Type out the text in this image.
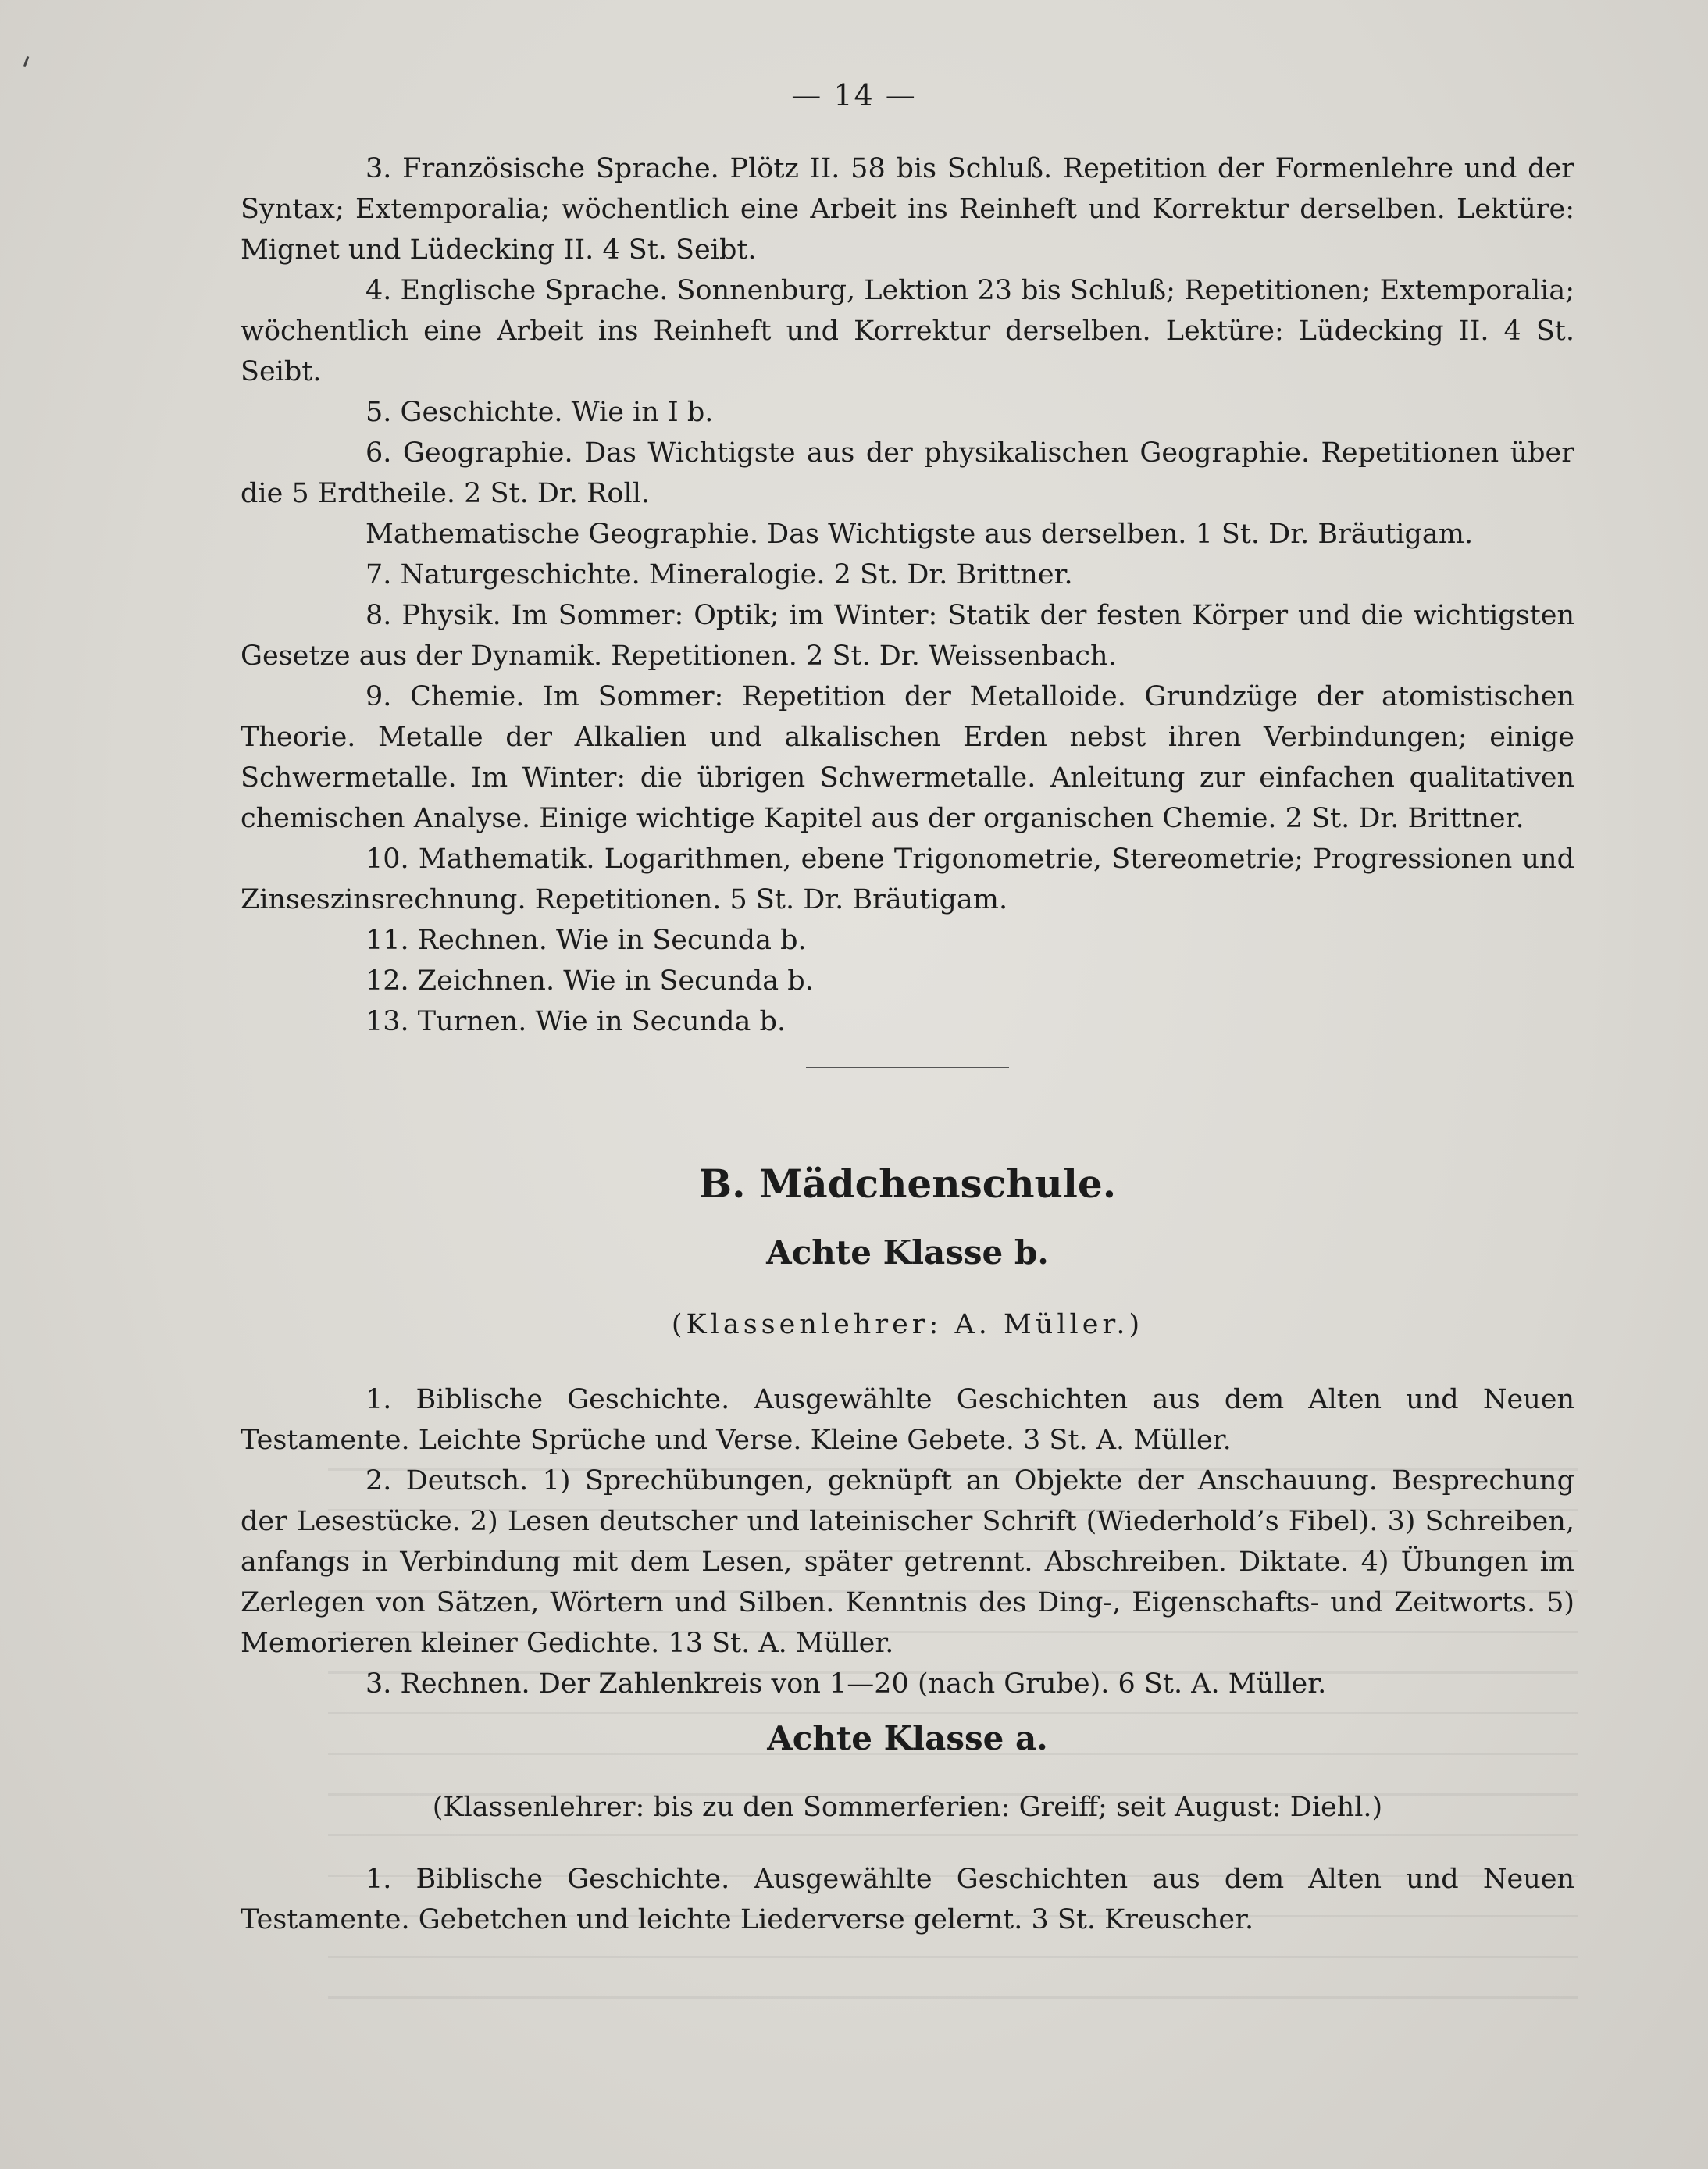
— 14 —

3. Französische Sprache. Plötz II. 58 bis Schluß. Repetition der Formenlehre und der Syntax; Extemporalia; wöchentlich eine Arbeit ins Reinheft und Korrektur derselben. Lektüre: Mignet und Lüdecking II. 4 St. Seibt.

4. Englische Sprache. Sonnenburg, Lektion 23 bis Schluß; Repetitionen; Extemporalia; wöchentlich eine Arbeit ins Reinheft und Korrektur derselben. Lektüre: Lüdecking II. 4 St. Seibt.

5. Geschichte. Wie in I b.

6. Geographie. Das Wichtigste aus der physikalischen Geographie. Repetitionen über die 5 Erdtheile. 2 St. Dr. Roll.

Mathematische Geographie. Das Wichtigste aus derselben. 1 St. Dr. Bräutigam.

7. Naturgeschichte. Mineralogie. 2 St. Dr. Brittner.

8. Physik. Im Sommer: Optik; im Winter: Statik der festen Körper und die wichtigsten Gesetze aus der Dynamik. Repetitionen. 2 St. Dr. Weissenbach.

9. Chemie. Im Sommer: Repetition der Metalloide. Grundzüge der atomistischen Theorie. Metalle der Alkalien und alkalischen Erden nebst ihren Verbindungen; einige Schwermetalle. Im Winter: die übrigen Schwermetalle. Anleitung zur einfachen qualitativen chemischen Analyse. Einige wichtige Kapitel aus der organischen Chemie. 2 St. Dr. Brittner.

10. Mathematik. Logarithmen, ebene Trigonometrie, Stereometrie; Progressionen und Zinseszinsrechnung. Repetitionen. 5 St. Dr. Bräutigam.

11. Rechnen. Wie in Secunda b.

12. Zeichnen. Wie in Secunda b.

13. Turnen. Wie in Secunda b.

B. Mädchenschule.
Achte Klasse b.
(Klassenlehrer: A. Müller.)

1. Biblische Geschichte. Ausgewählte Geschichten aus dem Alten und Neuen Testamente. Leichte Sprüche und Verse. Kleine Gebete. 3 St. A. Müller.

2. Deutsch. 1) Sprechübungen, geknüpft an Objekte der Anschauung. Besprechung der Lesestücke. 2) Lesen deutscher und lateinischer Schrift (Wiederhold’s Fibel). 3) Schreiben, anfangs in Verbindung mit dem Lesen, später getrennt. Abschreiben. Diktate. 4) Übungen im Zerlegen von Sätzen, Wörtern und Silben. Kenntnis des Ding-, Eigenschafts- und Zeitworts. 5) Memorieren kleiner Gedichte. 13 St. A. Müller.

3. Rechnen. Der Zahlenkreis von 1—20 (nach Grube). 6 St. A. Müller.

Achte Klasse a.
(Klassenlehrer: bis zu den Sommerferien: Greiff; seit August: Diehl.)

1. Biblische Geschichte. Ausgewählte Geschichten aus dem Alten und Neuen Testamente. Gebetchen und leichte Liederverse gelernt. 3 St. Kreuscher.
